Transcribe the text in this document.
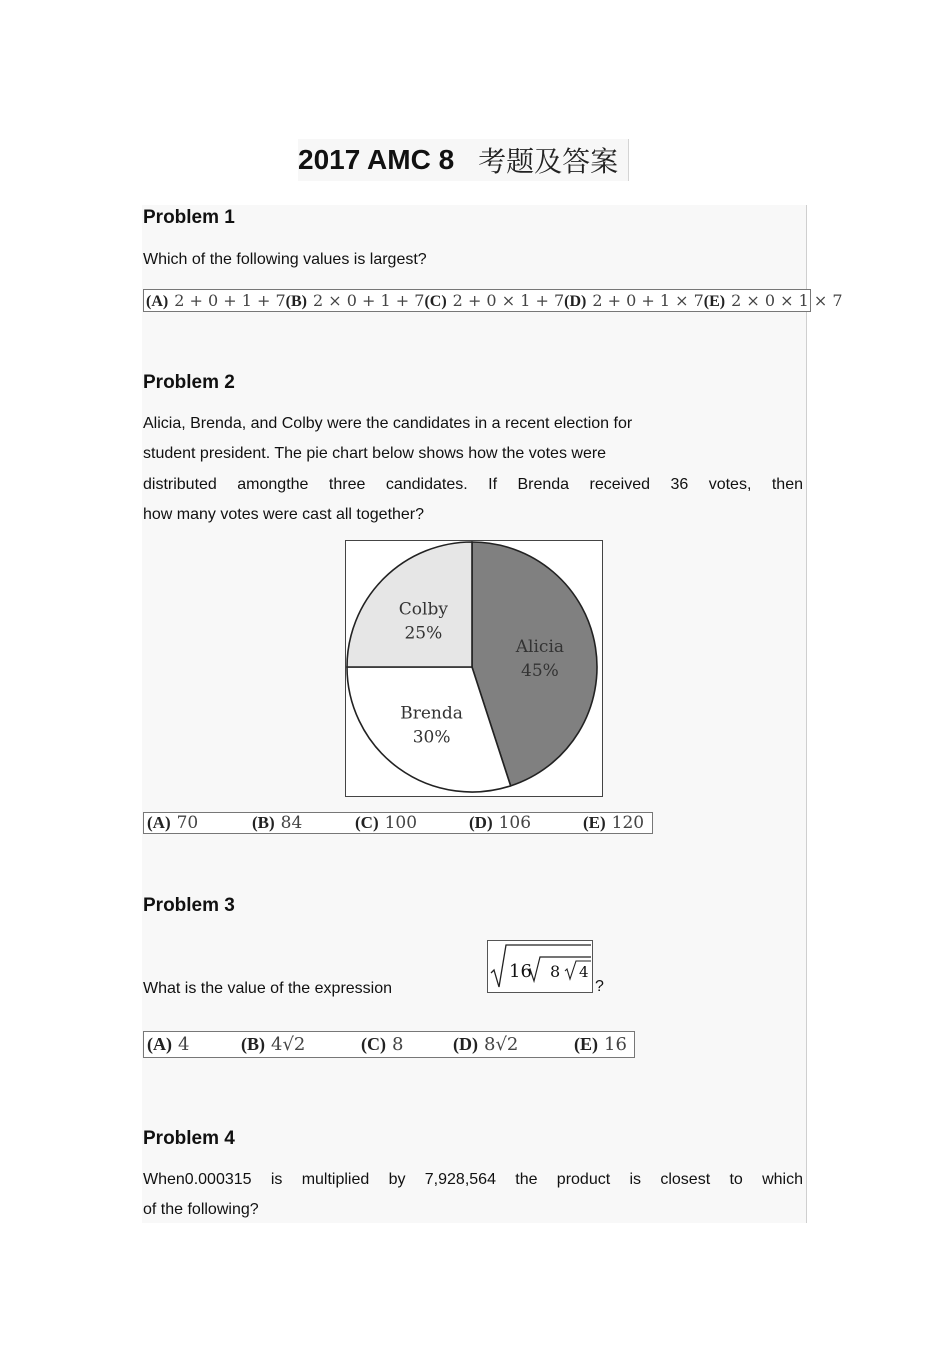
2017 AMC 8 考题及答案
Problem 1
Which of the following values is largest?
(A) 2 + 0 + 1 + 7 (B) 2 × 0 + 1 + 7 (C) 2 + 0 × 1 + 7 (D) 2 + 0 + 1 × 7 (E) 2 × 0 × 1 × 7
Problem 2
Alicia, Brenda, and Colby were the candidates in a recent election for
student president. The pie chart below shows how the votes were
distributed amongthe three candidates. If Brenda received 36 votes, then
how many votes were cast all together?
Alicia
45%
Brenda
30%
Colby
25%
(A) 70	(B) 84	(C) 100	(D) 106	(E) 120
Problem 3
What is the value of the expression
16 8 4
?
(A) 4	(B) 4√2	(C) 8	(D) 8√2	(E) 16
Problem 4
When0.000315 is multiplied by 7,928,564 the product is closest to which
of the following?
